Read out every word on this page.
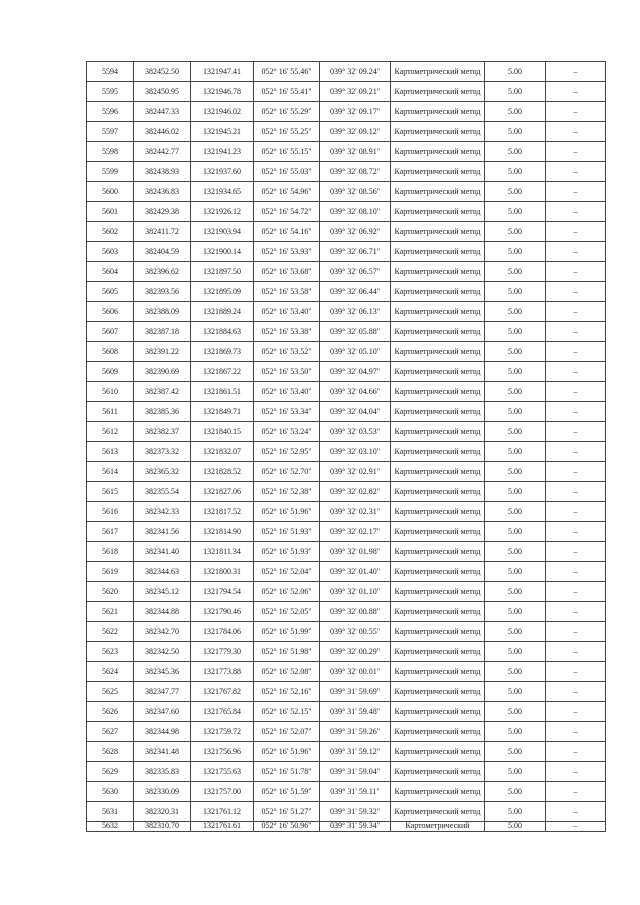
5594	382452.50	1321947.41	052° 16' 55.46"	039° 32' 09.24"	Картометрический метод	5.00	–
5595	382450.95	1321946.78	052° 16' 55.41"	039° 32' 09.21"	Картометрический метод	5.00	–
5596	382447.33	1321946.02	052° 16' 55.29"	039° 32' 09.17"	Картометрический метод	5.00	–
5597	382446.02	1321945.21	052° 16' 55.25"	039° 32' 09.12"	Картометрический метод	5.00	–
5598	382442.77	1321941.23	052° 16' 55.15"	039° 32' 08.91"	Картометрический метод	5.00	–
5599	382438.93	1321937.60	052° 16' 55.03"	039° 32' 08.72"	Картометрический метод	5.00	–
5600	382436.83	1321934.65	052° 16' 54.96"	039° 32' 08.56"	Картометрический метод	5.00	–
5601	382429.38	1321926.12	052° 16' 54.72"	039° 32' 08.10"	Картометрический метод	5.00	–
5602	382411.72	1321903.94	052° 16' 54.16"	039° 32' 06.92"	Картометрический метод	5.00	–
5603	382404.59	1321900.14	052° 16' 53.93"	039° 32' 06.71"	Картометрический метод	5.00	–
5604	382396.62	1321897.50	052° 16' 53.68"	039° 32' 06.57"	Картометрический метод	5.00	–
5605	382393.56	1321895.09	052° 16' 53.58"	039° 32' 06.44"	Картометрический метод	5.00	–
5606	382388.09	1321889.24	052° 16' 53.40"	039° 32' 06.13"	Картометрический метод	5.00	–
5607	382387.18	1321884.63	052° 16' 53.38"	039° 32' 05.88"	Картометрический метод	5.00	–
5608	382391.22	1321869.73	052° 16' 53.52"	039° 32' 05.10"	Картометрический метод	5.00	–
5609	382390.69	1321867.22	052° 16' 53.50"	039° 32' 04.97"	Картометрический метод	5.00	–
5610	382387.42	1321861.51	052° 16' 53.40"	039° 32' 04.66"	Картометрический метод	5.00	–
5611	382385.36	1321849.71	052° 16' 53.34"	039° 32' 04.04"	Картометрический метод	5.00	–
5612	382382.37	1321840.15	052° 16' 53.24"	039° 32' 03.53"	Картометрический метод	5.00	–
5613	382373.32	1321832.07	052° 16' 52.95"	039° 32' 03.10"	Картометрический метод	5.00	–
5614	382365.32	1321828.52	052° 16' 52.70"	039° 32' 02.91"	Картометрический метод	5.00	–
5615	382355.54	1321827.06	052° 16' 52.38"	039° 32' 02.82"	Картометрический метод	5.00	–
5616	382342.33	1321817.52	052° 16' 51.96"	039° 32' 02.31"	Картометрический метод	5.00	–
5617	382341.56	1321814.90	052° 16' 51.93"	039° 32' 02.17"	Картометрический метод	5.00	–
5618	382341.40	1321811.34	052° 16' 51.93"	039° 32' 01.98"	Картометрический метод	5.00	–
5619	382344.63	1321800.31	052° 16' 52.04"	039° 32' 01.40"	Картометрический метод	5.00	–
5620	382345.12	1321794.54	052° 16' 52.06"	039° 32' 01.10"	Картометрический метод	5.00	–
5621	382344.88	1321790.46	052° 16' 52.05"	039° 32' 00.88"	Картометрический метод	5.00	–
5622	382342.70	1321784.06	052° 16' 51.99"	039° 32' 00.55"	Картометрический метод	5.00	–
5623	382342.50	1321779.30	052° 16' 51.98"	039° 32' 00.29"	Картометрический метод	5.00	–
5624	382345.36	1321773.88	052° 16' 52.08"	039° 32' 00.01"	Картометрический метод	5.00	–
5625	382347.77	1321767.82	052° 16' 52.16"	039° 31' 59.69"	Картометрический метод	5.00	–
5626	382347.60	1321765.84	052° 16' 52.15"	039° 31' 59.48"	Картометрический метод	5.00	–
5627	382344.98	1321759.72	052° 16' 52.07"	039° 31' 59.26"	Картометрический метод	5.00	–
5628	382341.48	1321756.96	052° 16' 51.96"	039° 31' 59.12"	Картометрический метод	5.00	–
5629	382335.83	1321755.63	052° 16' 51.78"	039° 31' 59.04"	Картометрический метод	5.00	–
5630	382330.09	1321757.00	052° 16' 51.59"	039° 31' 59.11"	Картометрический метод	5.00	–
5631	382320.31	1321761.12	052° 16' 51.27"	039° 31' 59.32"	Картометрический метод	5.00	–
5632	382310.70	1321761.61	052° 16' 50.96"	039° 31' 59.34"	Картометрический	5.00	–
